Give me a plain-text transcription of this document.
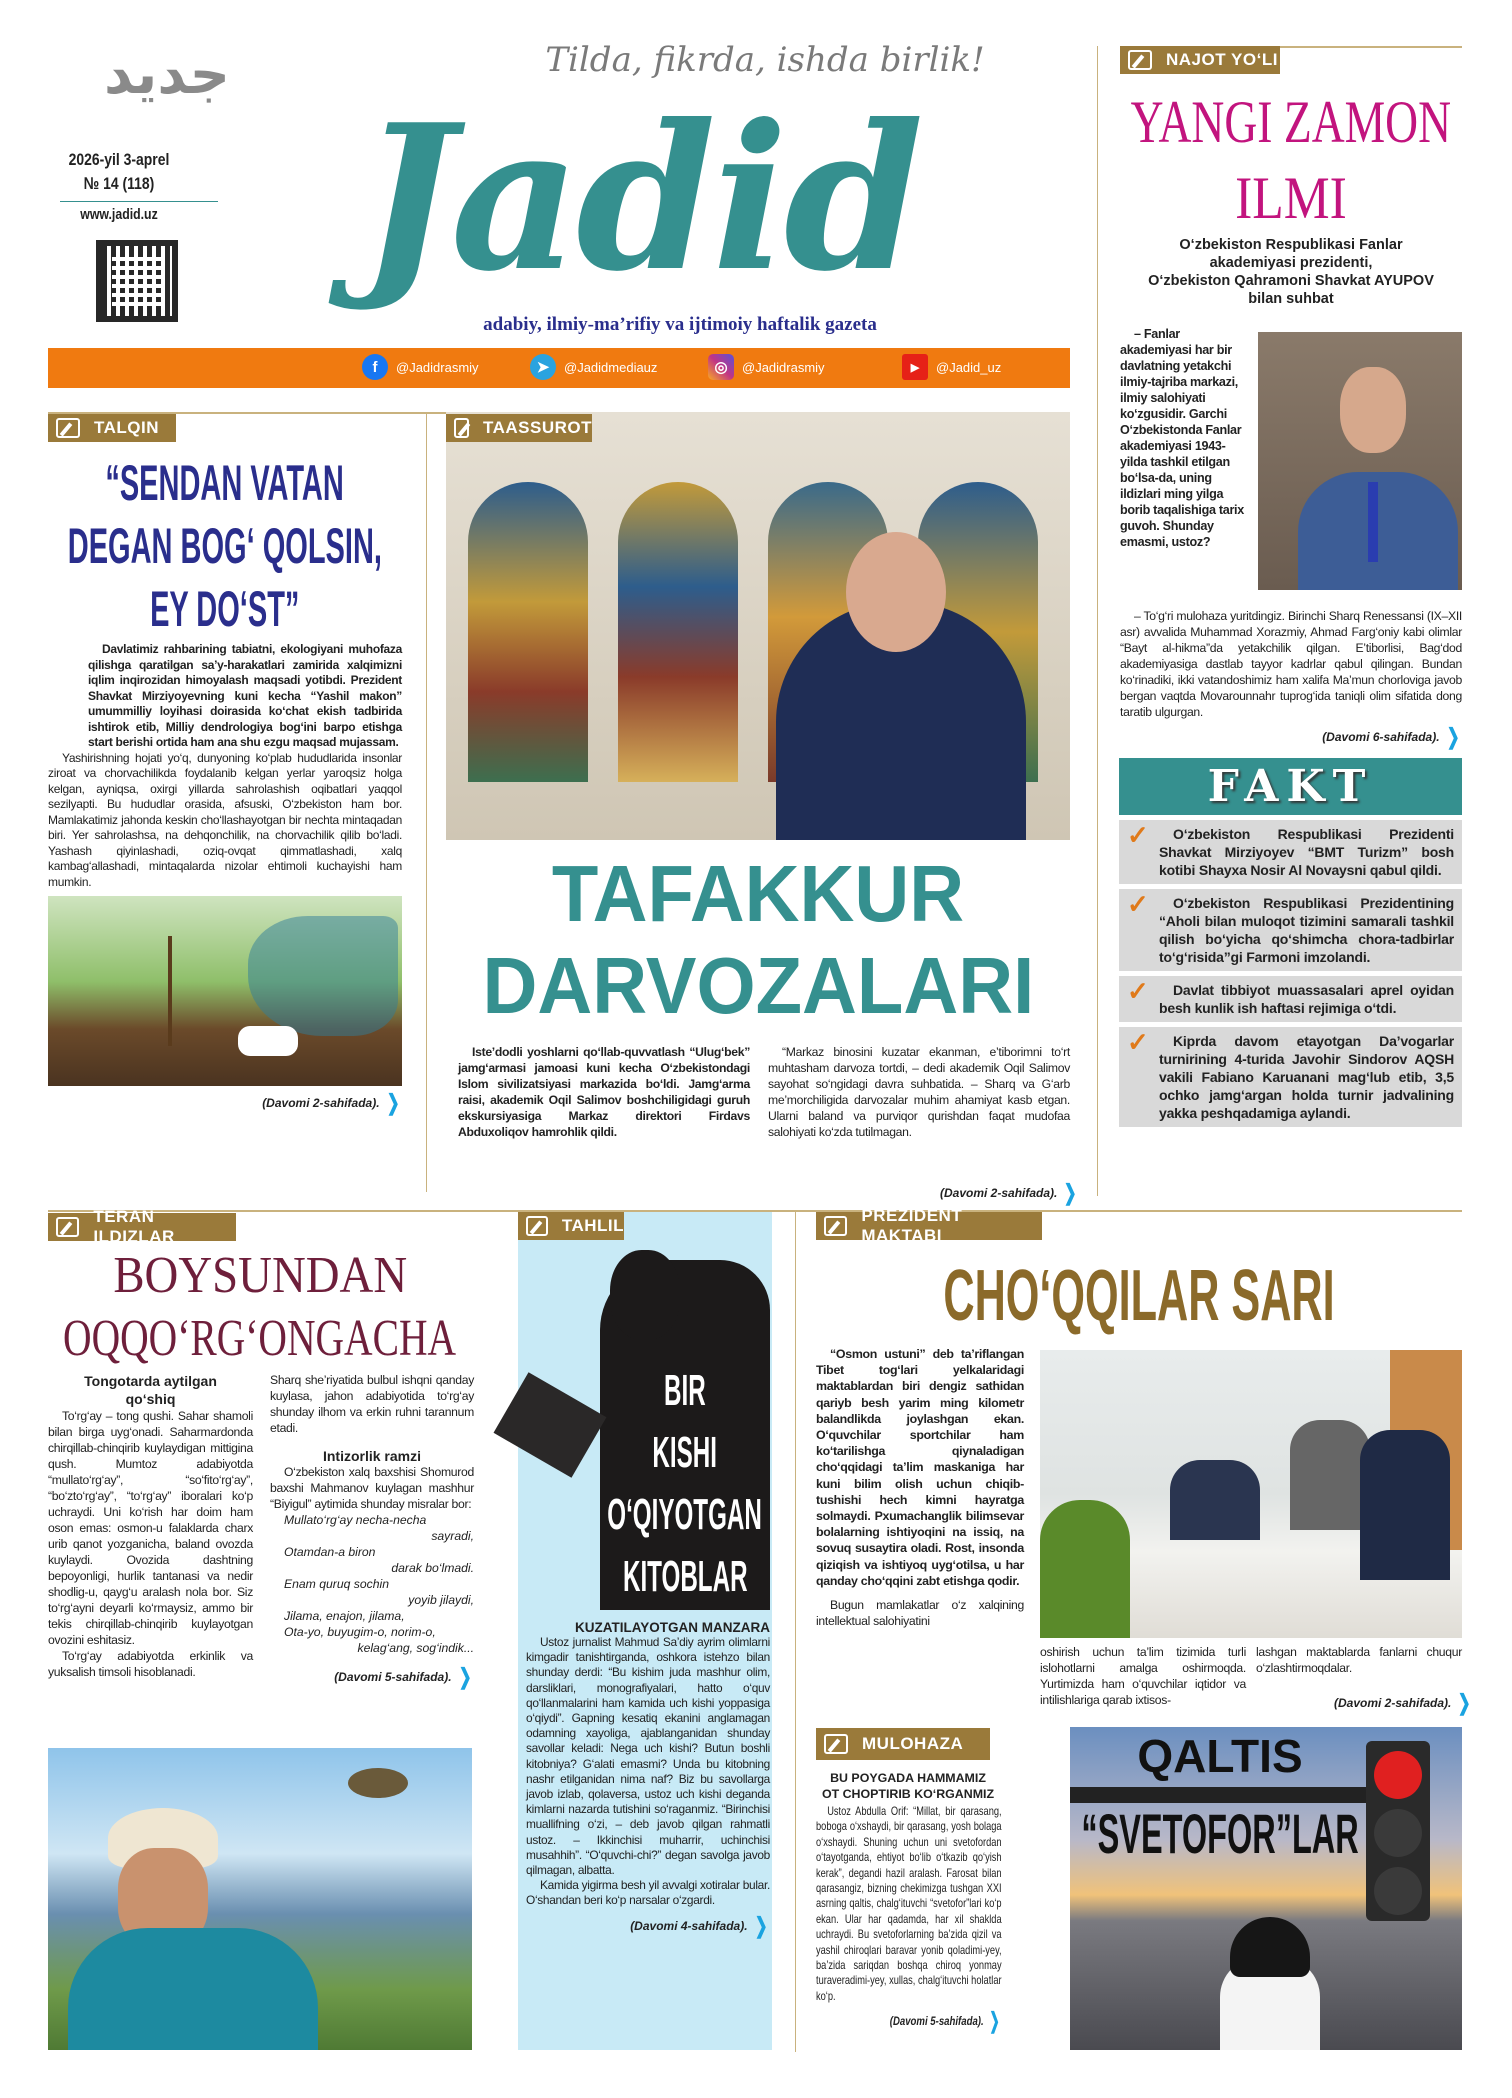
جديد
2026-yil 3-aprel
№ 14 (118)
www.jadid.uz
Tilda, fikrda, ishda birlik!
Jadid
adabiy, ilmiy-ma’rifiy va ijtimoiy haftalik gazeta
f	@Jadidrasmiy	➤	@Jadidmediauz	◎	@Jadidrasmiy	▶	@Jadid_uz
TALQIN
“SENDAN VATAN
DEGAN BOG‘ QOLSIN,
EY DO‘ST”
Davlatimiz rahbarining tabiatni, ekologiyani muhofaza qilishga qaratilgan sa’y-harakatlari zamirida xalqimizni iqlim inqirozidan himoyalash maqsadi yotibdi. Prezident Shavkat Mirziyoyevning kuni kecha “Yashil makon” umummilliy loyihasi doirasida ko‘chat ekish tadbirida ishtirok etib, Milliy dendrologiya bog‘ini barpo etishga start berishi ortida ham ana shu ezgu maqsad mujassam.
Yashirishning hojati yo‘q, dunyoning ko‘plab hududlarida insonlar ziroat va chorvachilikda foydalanib kelgan yerlar yaroqsiz holga kelgan, ayniqsa, oxirgi yillarda sahrolashish oqibatlari yaqqol sezilyapti. Bu hududlar orasida, afsuski, O‘zbekiston ham bor. Mamlakatimiz jahonda keskin cho‘llashayotgan bir nechta mintaqadan biri. Yer sahrolashsa, na dehqonchilik, na chorvachilik qilib bo‘ladi. Yashash qiyinlashadi, oziq-ovqat qimmatlashadi, xalq kambag‘allashadi, mintaqalarda nizolar ehtimoli kuchayishi ham mumkin.
(Davomi 2-sahifada). ❯
TAASSUROT
TAFAKKUR
DARVOZALARI
Iste’dodli yoshlarni qo‘llab-quvvatlash “Ulug‘bek” jamg‘armasi jamoasi kuni kecha O‘zbekistondagi Islom sivilizatsiyasi markazida bo‘ldi. Jamg‘arma raisi, akademik Oqil Salimov boshchiligidagi guruh ekskursiyasiga Markaz direktori Firdavs Abduxoliqov hamrohlik qildi.
“Markaz binosini kuzatar ekanman, e’tiborimni to‘rt muhtasham darvoza tortdi, – dedi akademik Oqil Salimov sayohat so‘ngidagi davra suhbatida. – Sharq va G‘arb me’morchiligida darvozalar muhim ahamiyat kasb etgan. Ularni baland va purviqor qurishdan faqat mudofaa salohiyati ko‘zda tutilmagan.
(Davomi 2-sahifada). ❯
NAJOT YO‘LI
YANGI ZAMON
ILMI
O‘zbekiston Respublikasi Fanlar
akademiyasi prezidenti,
O‘zbekiston Qahramoni Shavkat AYUPOV
bilan suhbat
– Fanlar akademiyasi har bir davlatning yetakchi ilmiy-tajriba markazi, ilmiy salohiyati ko‘zgusidir. Garchi O‘zbekistonda Fanlar akademiyasi 1943-yilda tashkil etilgan bo‘lsa-da, uning ildizlari ming yilga borib taqalishiga tarix guvoh. Shunday emasmi, ustoz?
– To‘g‘ri mulohaza yuritdingiz. Birinchi Sharq Renessansi (IX–XII asr) avvalida Muhammad Xorazmiy, Ahmad Farg‘oniy kabi olimlar “Bayt al-hikma”da yetakchilik qilgan. E’tiborlisi, Bag‘dod akademiyasiga dastlab tayyor kadrlar qabul qilingan. Bundan ko‘rinadiki, ikki vatandoshimiz ham xalifa Ma’mun chorloviga javob bergan vaqtda Movarounnahr tuprog‘ida taniqli olim sifatida dong taratib ulgurgan.
(Davomi 6-sahifada). ❯
FAKT
✓ O‘zbekiston Respublikasi Prezidenti Shavkat Mirziyoyev “BMT Turizm” bosh kotibi Shayxa Nosir Al Novaysni qabul qildi.
✓ O‘zbekiston Respublikasi Prezidentining “Aholi bilan muloqot tizimini samarali tashkil qilish bo‘yicha qo‘shimcha chora-tadbirlar to‘g‘risida”gi Farmoni imzolandi.
✓ Davlat tibbiyot muassasalari aprel oyidan besh kunlik ish haftasi rejimiga o‘tdi.
✓ Kiprda davom etayotgan Da’vogarlar turnirining 4-turida Javohir Sindorov AQSH vakili Fabiano Karuanani mag‘lub etib, 3,5 ochko jamg‘argan holda turnir jadvalining yakka peshqadamiga aylandi.
TERAN ILDIZLAR
BOYSUNDAN
OQQO‘RG‘ONGACHA
Tongotarda aytilgan qo‘shiq
To‘rg‘ay – tong qushi. Sahar shamoli bilan birga uyg‘onadi. Saharmardonda chirqillab-chinqirib kuylaydigan mittigina qush. Mumtoz adabiyotda “mullato‘rg‘ay”, “so‘fito‘rg‘ay”, “bo‘zto‘rg‘ay”, “to‘rg‘ay” iboralari ko‘p uchraydi. Uni ko‘rish har doim ham oson emas: osmon-u falaklarda charx urib qanot yozganicha, baland ovozda kuylaydi. Ovozida dashtning bepoyonligi, hurlik tantanasi va nedir shodlig-u, qayg‘u aralash nola bor. Siz to‘rg‘ayni deyarli ko‘rmaysiz, ammo bir tekis chirqillab-chinqirib kuylayotgan ovozini eshitasiz.
To‘rg‘ay adabiyotda erkinlik va yuksalish timsoli hisoblanadi.
Sharq she’riyatida bulbul ishqni qanday kuylasa, jahon adabiyotida to‘rg‘ay shunday ilhom va erkin ruhni tarannum etadi.
Intizorlik ramzi
O‘zbekiston xalq baxshisi Shomurod baxshi Mahmanov kuylagan mashhur “Biyigul” aytimida shunday misralar bor:
Mullato‘rg‘ay necha-necha
sayradi,
Otamdan-a biron
darak bo‘lmadi.
Enam quruq sochin
yoyib jilaydi,
Jilama, enajon, jilama,
Ota-yo, buyugim-o, norim-o,
kelag‘ang, sog‘indik...
(Davomi 5-sahifada). ❯
TAHLIL
BIR
KISHI
O‘QIYOTGAN
KITOBLAR
KUZATILAYOTGAN MANZARA
Ustoz jurnalist Mahmud Sa’diy ayrim olimlarni kimgadir tanishtirganda, oshkora istehzo bilan shunday derdi: “Bu kishim juda mashhur olim, darsliklari, monografiyalari, hatto o‘quv qo‘llanmalarini ham kamida uch kishi yoppasiga o‘qiydi”. Gapning kesatiq ekanini anglamagan odamning xayoliga, ajablanganidan shunday savollar keladi: Nega uch kishi? Butun boshli kitobniya? G‘alati emasmi? Unda bu kitobning nashr etilganidan nima naf? Biz bu savollarga javob izlab, qolaversa, ustoz uch kishi deganda kimlarni nazarda tutishini so‘raganmiz. “Birinchisi muallifning o‘zi, – deb javob qilgan rahmatli ustoz. – Ikkinchisi muharrir, uchinchisi musahhih”. “O‘quvchi-chi?” degan savolga javob qilmagan, albatta.
Kamida yigirma besh yil avvalgi xotiralar bular. O‘shandan beri ko‘p narsalar o‘zgardi.
(Davomi 4-sahifada). ❯
PREZIDENT MAKTABI
CHO‘QQILAR SARI
“Osmon ustuni” deb ta’riflangan Tibet tog‘lari yelkalaridagi maktablardan biri dengiz sathidan qariyb besh yarim ming kilometr balandlikda joylashgan ekan. O‘quvchilar sportchilar ham ko‘tarilishga qiynaladigan cho‘qqidagi ta’lim maskaniga har kuni bilim olish uchun chiqib-tushishi hech kimni hayratga solmaydi. Pxumachanglik bilimsevar bolalarning ishtiyoqini na issiq, na sovuq susaytira oladi. Rost, insonda qiziqish va ishtiyoq uyg‘otilsa, u har qanday cho‘qqini zabt etishga qodir.
Bugun mamlakatlar o‘z xalqining intellektual salohiyatini
oshirish uchun ta’lim tizimida turli islohotlarni amalga oshirmoqda. Yurtimizda ham o‘quvchilar iqtidor va intilishlariga qarab ixtisos-
lashgan maktablarda fanlarni chuqur o‘zlashtirmoqdalar.
(Davomi 2-sahifada). ❯
MULOHAZA
BU POYGADA HAMMAMIZ
OT CHOPTIRIB KO‘RGANMIZ
Ustoz Abdulla Orif: “Millat, bir qarasang, boboga o‘xshaydi, bir qarasang, yosh bolaga o‘xshaydi. Shuning uchun uni svetofordan o‘tayotganda, ehtiyot bo‘lib o‘tkazib qo‘yish kerak”, degandi hazil aralash. Farosat bilan qarasangiz, bizning chekimizga tushgan XXI asrning qaltis, chalg‘ituvchi “svetofor”lari ko‘p ekan. Ular har qadamda, har xil shaklda uchraydi. Bu svetoforlarning ba’zida qizil va yashil chiroqlari baravar yonib qoladimi-yey, ba’zida sariqdan boshqa chiroq yonmay turaveradimi-yey, xullas, chalg‘ituvchi holatlar ko‘p.
(Davomi 5-sahifada). ❯
QALTIS
“SVETOFOR”LAR
